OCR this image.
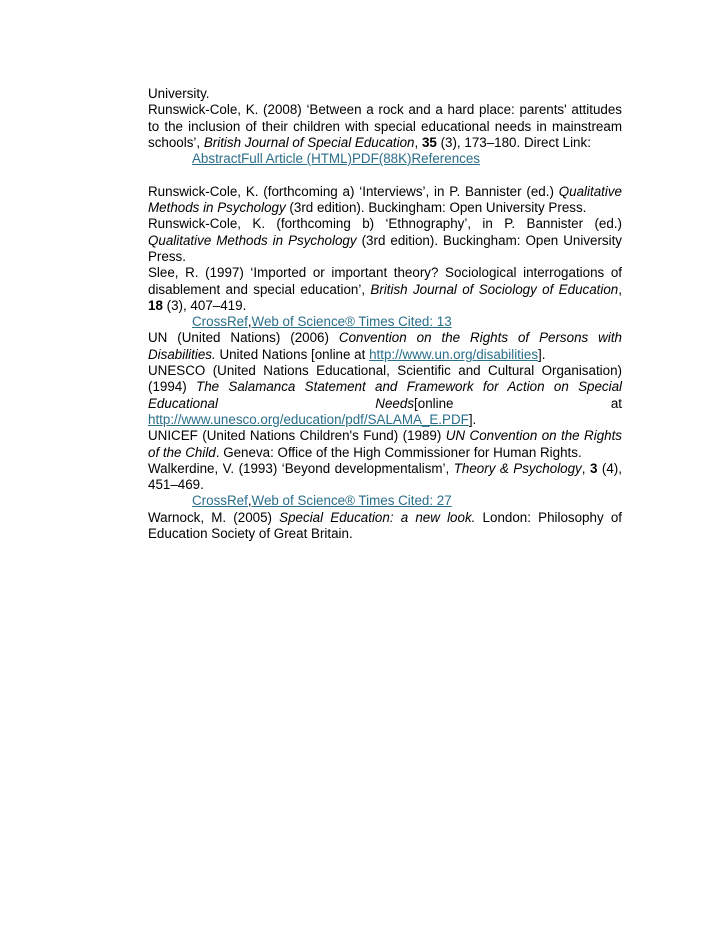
University.

Runswick-Cole, K. (2008) ‘Between a rock and a hard place: parents' attitudes to the inclusion of their children with special educational needs in mainstream schools’, British Journal of Special Education, 35 (3), 173–180. Direct Link:

AbstractFull Article (HTML)PDF(88K)References

Runswick-Cole, K. (forthcoming a) ‘Interviews’, in P. Bannister (ed.) Qualitative Methods in Psychology (3rd edition). Buckingham: Open University Press.

Runswick-Cole, K. (forthcoming b) ‘Ethnography’, in P. Bannister (ed.) Qualitative Methods in Psychology (3rd edition). Buckingham: Open University Press.

Slee, R. (1997) ‘Imported or important theory? Sociological interrogations of disablement and special education’, British Journal of Sociology of Education, 18 (3), 407–419.

CrossRef,Web of Science® Times Cited: 13

UN (United Nations) (2006) Convention on the Rights of Persons with Disabilities. United Nations [online at http://www.un.org/disabilities].

UNESCO (United Nations Educational, Scientific and Cultural Organisation) (1994) The Salamanca Statement and Framework for Action on Special Educational Needs[online at http://www.unesco.org/education/pdf/SALAMA_E.PDF].

UNICEF (United Nations Children's Fund) (1989) UN Convention on the Rights of the Child. Geneva: Office of the High Commissioner for Human Rights.

Walkerdine, V. (1993) ‘Beyond developmentalism’, Theory & Psychology, 3 (4), 451–469.

CrossRef,Web of Science® Times Cited: 27

Warnock, M. (2005) Special Education: a new look. London: Philosophy of Education Society of Great Britain.
